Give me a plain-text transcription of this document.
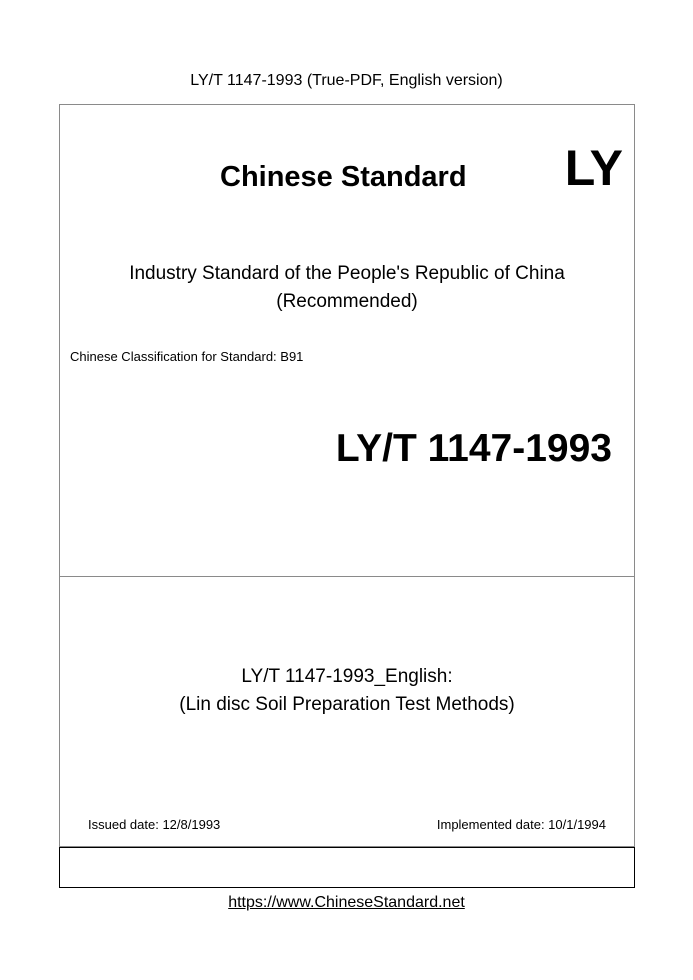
LY/T 1147-1993 (True-PDF, English version)
Chinese Standard LY
Industry Standard of the People's Republic of China
(Recommended)
Chinese Classification for Standard: B91
LY/T 1147-1993
LY/T 1147-1993_English:
(Lin disc Soil Preparation Test Methods)
Issued date: 12/8/1993	Implemented date: 10/1/1994
https://www.ChineseStandard.net
